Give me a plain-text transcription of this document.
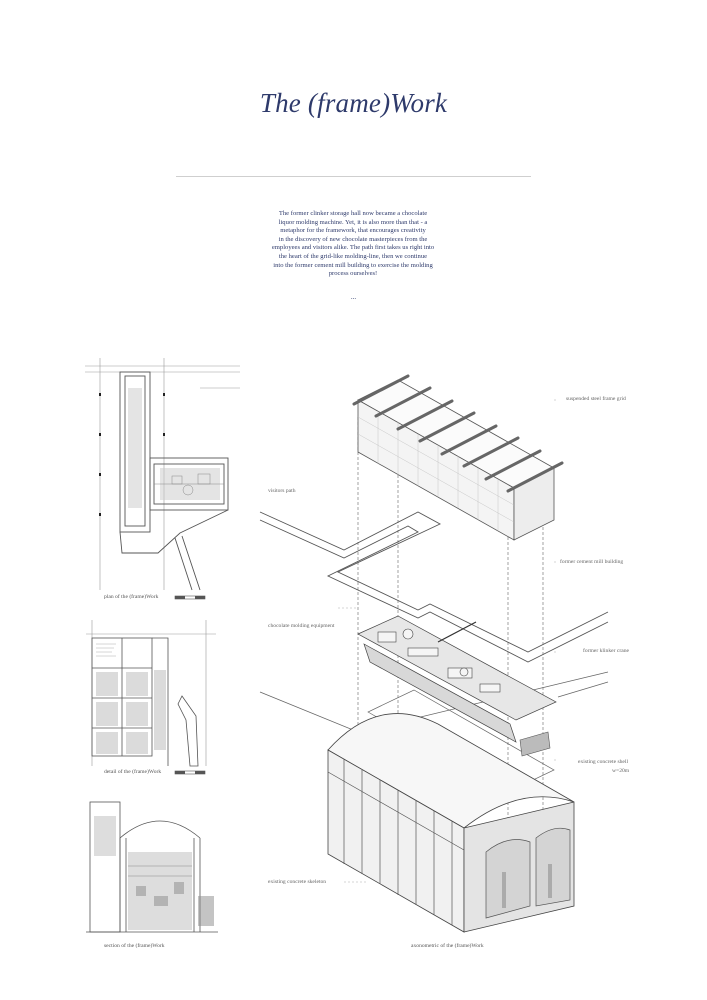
The (frame)Work
The former clinker storage hall now became a chocolate
liquor molding machine. Yet, it is also more than that - a
metaphor for the framework, that encourages creativity
in the discovery of new chocolate masterpieces from the
employees and visitors alike. The path first takes us right into
the heart of the grid-like molding-line, then we continue
into the former cement mill building to exercise the molding
process ourselves!
...
plan of the (frame)Work
detail of the (frame)Work
section of the (frame)Work
suspended steel frame grid
visitors path
former cement mill building
chocolate molding equipment
former klinker crane
existing concrete shell
w=20m
existing concrete skeleton
axonometric of the (frame)Work
